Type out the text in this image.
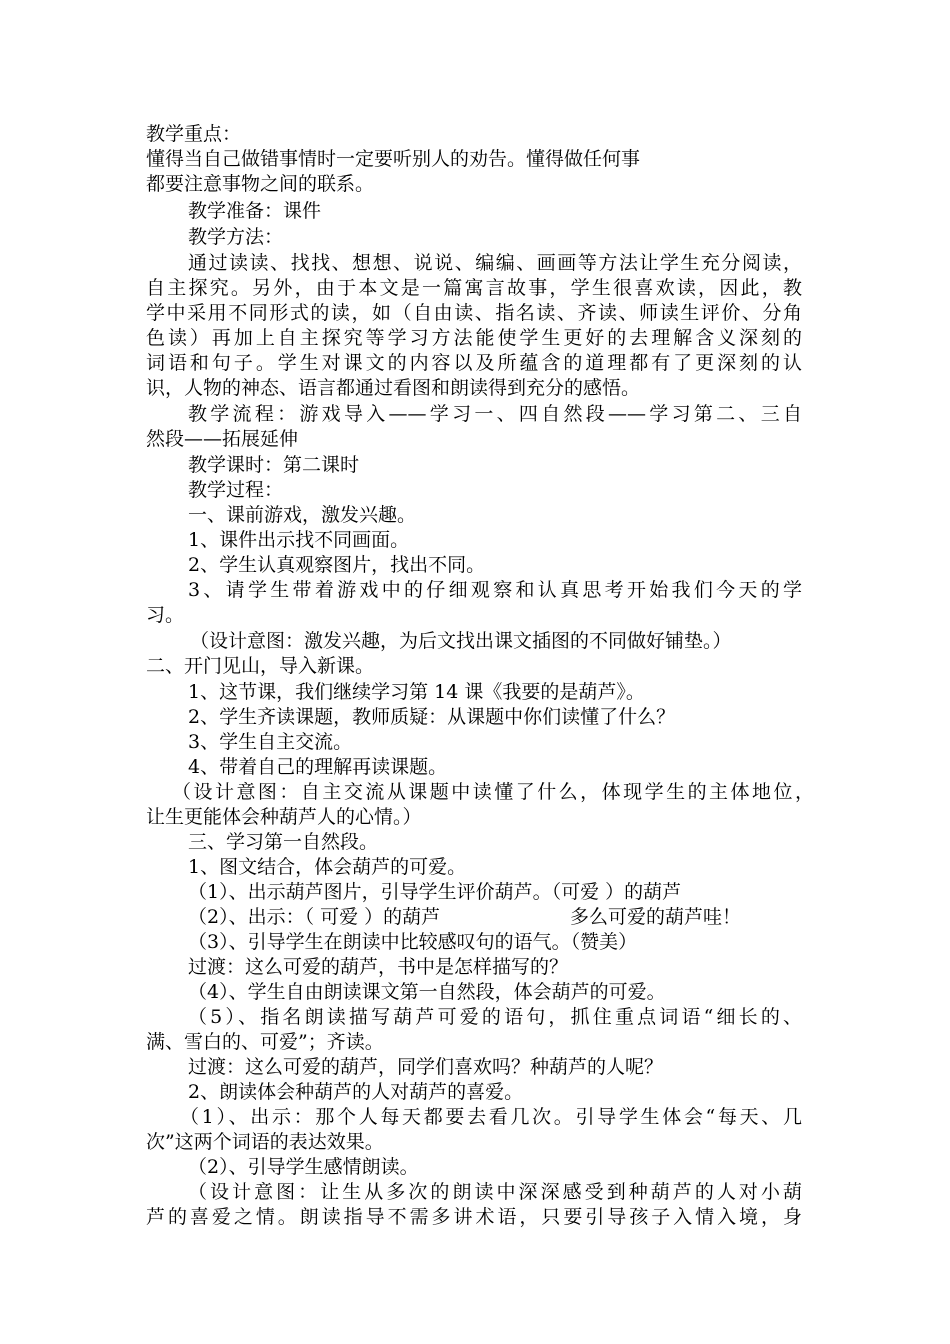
教学重点：
懂得当自己做错事情时一定要听别人的劝告。懂得做任何事
都要注意事物之间的联系。
教学准备：课件
教学方法：
通过读读、找找、想想、说说、编编、画画等方法让学生充分阅读，
自主探究。另外，由于本文是一篇寓言故事，学生很喜欢读，因此，教
学中采用不同形式的读，如（自由读、指名读、齐读、师读生评价、分角
色读）再加上自主探究等学习方法能使学生更好的去理解含义深刻的
词语和句子。学生对课文的内容以及所蕴含的道理都有了更深刻的认
识，人物的神态、语言都通过看图和朗读得到充分的感悟。
教学流程：游戏导入——学习一、四自然段——学习第二、三自
然段——拓展延伸
教学课时：第二课时
教学过程：
一、课前游戏，激发兴趣。
1、课件出示找不同画面。
2、学生认真观察图片，找出不同。
3、请学生带着游戏中的仔细观察和认真思考开始我们今天的学
习。
（设计意图：激发兴趣，为后文找出课文插图的不同做好铺垫。）
二、开门见山，导入新课。
1、这节课，我们继续学习第 14 课《我要的是葫芦》。
2、学生齐读课题，教师质疑：从课题中你们读懂了什么？
3、学生自主交流。
4、带着自己的理解再读课题。
（设计意图：自主交流从课题中读懂了什么，体现学生的主体地位，
让生更能体会种葫芦人的心情。）
三、学习第一自然段。
1、图文结合，体会葫芦的可爱。
（1）、出示葫芦图片，引导学生评价葫芦。（可爱 ）的葫芦
（2）、出示：（ 可爱 ）的葫芦	多么可爱的葫芦哇！
（3）、引导学生在朗读中比较感叹句的语气。（赞美）
过渡：这么可爱的葫芦，书中是怎样描写的？
（4）、学生自由朗读课文第一自然段，体会葫芦的可爱。
（5）、指名朗读描写葫芦可爱的语句，抓住重点词语“细长的、
满、雪白的、可爱”；齐读。
过渡：这么可爱的葫芦，同学们喜欢吗？种葫芦的人呢？
2、朗读体会种葫芦的人对葫芦的喜爱。
（1）、出示：那个人每天都要去看几次。引导学生体会“每天、几
次”这两个词语的表达效果。
（2）、引导学生感情朗读。
（设计意图：让生从多次的朗读中深深感受到种葫芦的人对小葫
芦的喜爱之情。朗读指导不需多讲术语，只要引导孩子入情入境，身
